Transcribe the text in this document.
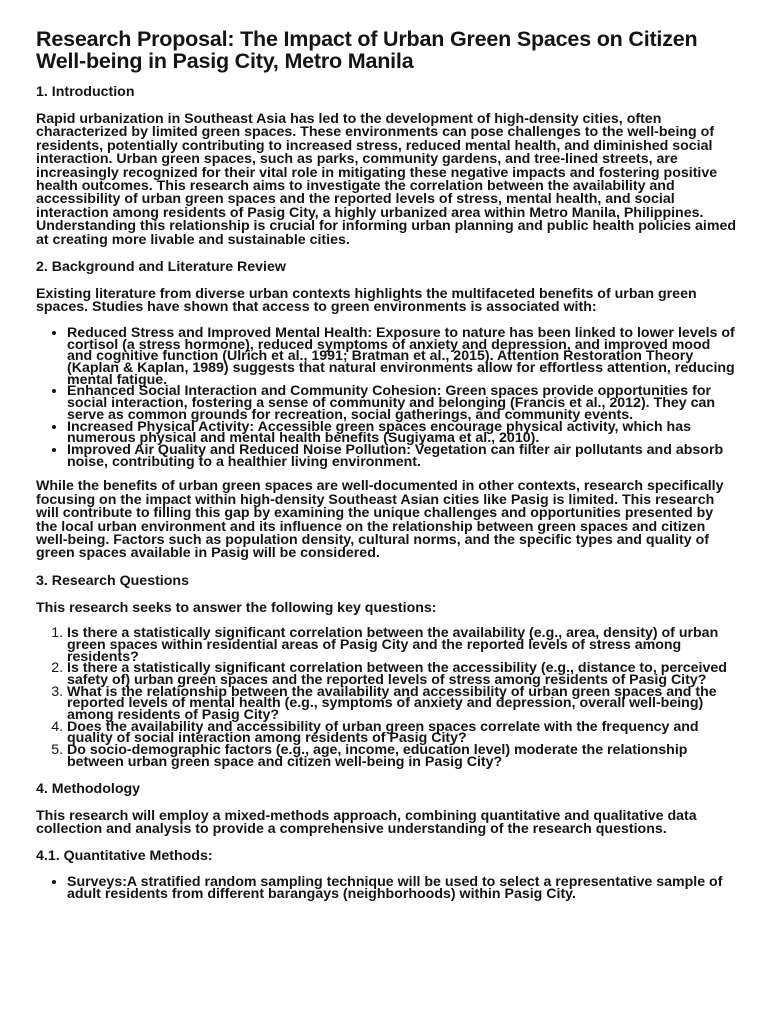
Research Proposal: The Impact of Urban Green Spaces on Citizen Well-being in Pasig City, Metro Manila
1. Introduction

Rapid urbanization in Southeast Asia has led to the development of high-density cities, often characterized by limited green spaces. These environments can pose challenges to the well-being of residents, potentially contributing to increased stress, reduced mental health, and diminished social interaction. Urban green spaces, such as parks, community gardens, and tree-lined streets, are increasingly recognized for their vital role in mitigating these negative impacts and fostering positive health outcomes. This research aims to investigate the correlation between the availability and accessibility of urban green spaces and the reported levels of stress, mental health, and social interaction among residents of Pasig City, a highly urbanized area within Metro Manila, Philippines. Understanding this relationship is crucial for informing urban planning and public health policies aimed at creating more livable and sustainable cities.

2. Background and Literature Review

Existing literature from diverse urban contexts highlights the multifaceted benefits of urban green spaces. Studies have shown that access to green environments is associated with:

• Reduced Stress and Improved Mental Health: Exposure to nature has been linked to lower levels of cortisol (a stress hormone), reduced symptoms of anxiety and depression, and improved mood and cognitive function (Ulrich et al., 1991; Bratman et al., 2015). Attention Restoration Theory (Kaplan & Kaplan, 1989) suggests that natural environments allow for effortless attention, reducing mental fatigue.
• Enhanced Social Interaction and Community Cohesion: Green spaces provide opportunities for social interaction, fostering a sense of community and belonging (Francis et al., 2012). They can serve as common grounds for recreation, social gatherings, and community events.
• Increased Physical Activity: Accessible green spaces encourage physical activity, which has numerous physical and mental health benefits (Sugiyama et al., 2010).
• Improved Air Quality and Reduced Noise Pollution: Vegetation can filter air pollutants and absorb noise, contributing to a healthier living environment.

While the benefits of urban green spaces are well-documented in other contexts, research specifically focusing on the impact within high-density Southeast Asian cities like Pasig is limited. This research will contribute to filling this gap by examining the unique challenges and opportunities presented by the local urban environment and its influence on the relationship between green spaces and citizen well-being. Factors such as population density, cultural norms, and the specific types and quality of green spaces available in Pasig will be considered.

3. Research Questions

This research seeks to answer the following key questions:

1. Is there a statistically significant correlation between the availability (e.g., area, density) of urban green spaces within residential areas of Pasig City and the reported levels of stress among residents?
2. Is there a statistically significant correlation between the accessibility (e.g., distance to, perceived safety of) urban green spaces and the reported levels of stress among residents of Pasig City?
3. What is the relationship between the availability and accessibility of urban green spaces and the reported levels of mental health (e.g., symptoms of anxiety and depression, overall well-being) among residents of Pasig City?
4. Does the availability and accessibility of urban green spaces correlate with the frequency and quality of social interaction among residents of Pasig City?
5. Do socio-demographic factors (e.g., age, income, education level) moderate the relationship between urban green space and citizen well-being in Pasig City?
4. Methodology

This research will employ a mixed-methods approach, combining quantitative and qualitative data collection and analysis to provide a comprehensive understanding of the research questions.

4.1. Quantitative Methods:
• Surveys:A stratified random sampling technique will be used to select a representative sample of adult residents from different barangays (neighborhoods) within Pasig City.
